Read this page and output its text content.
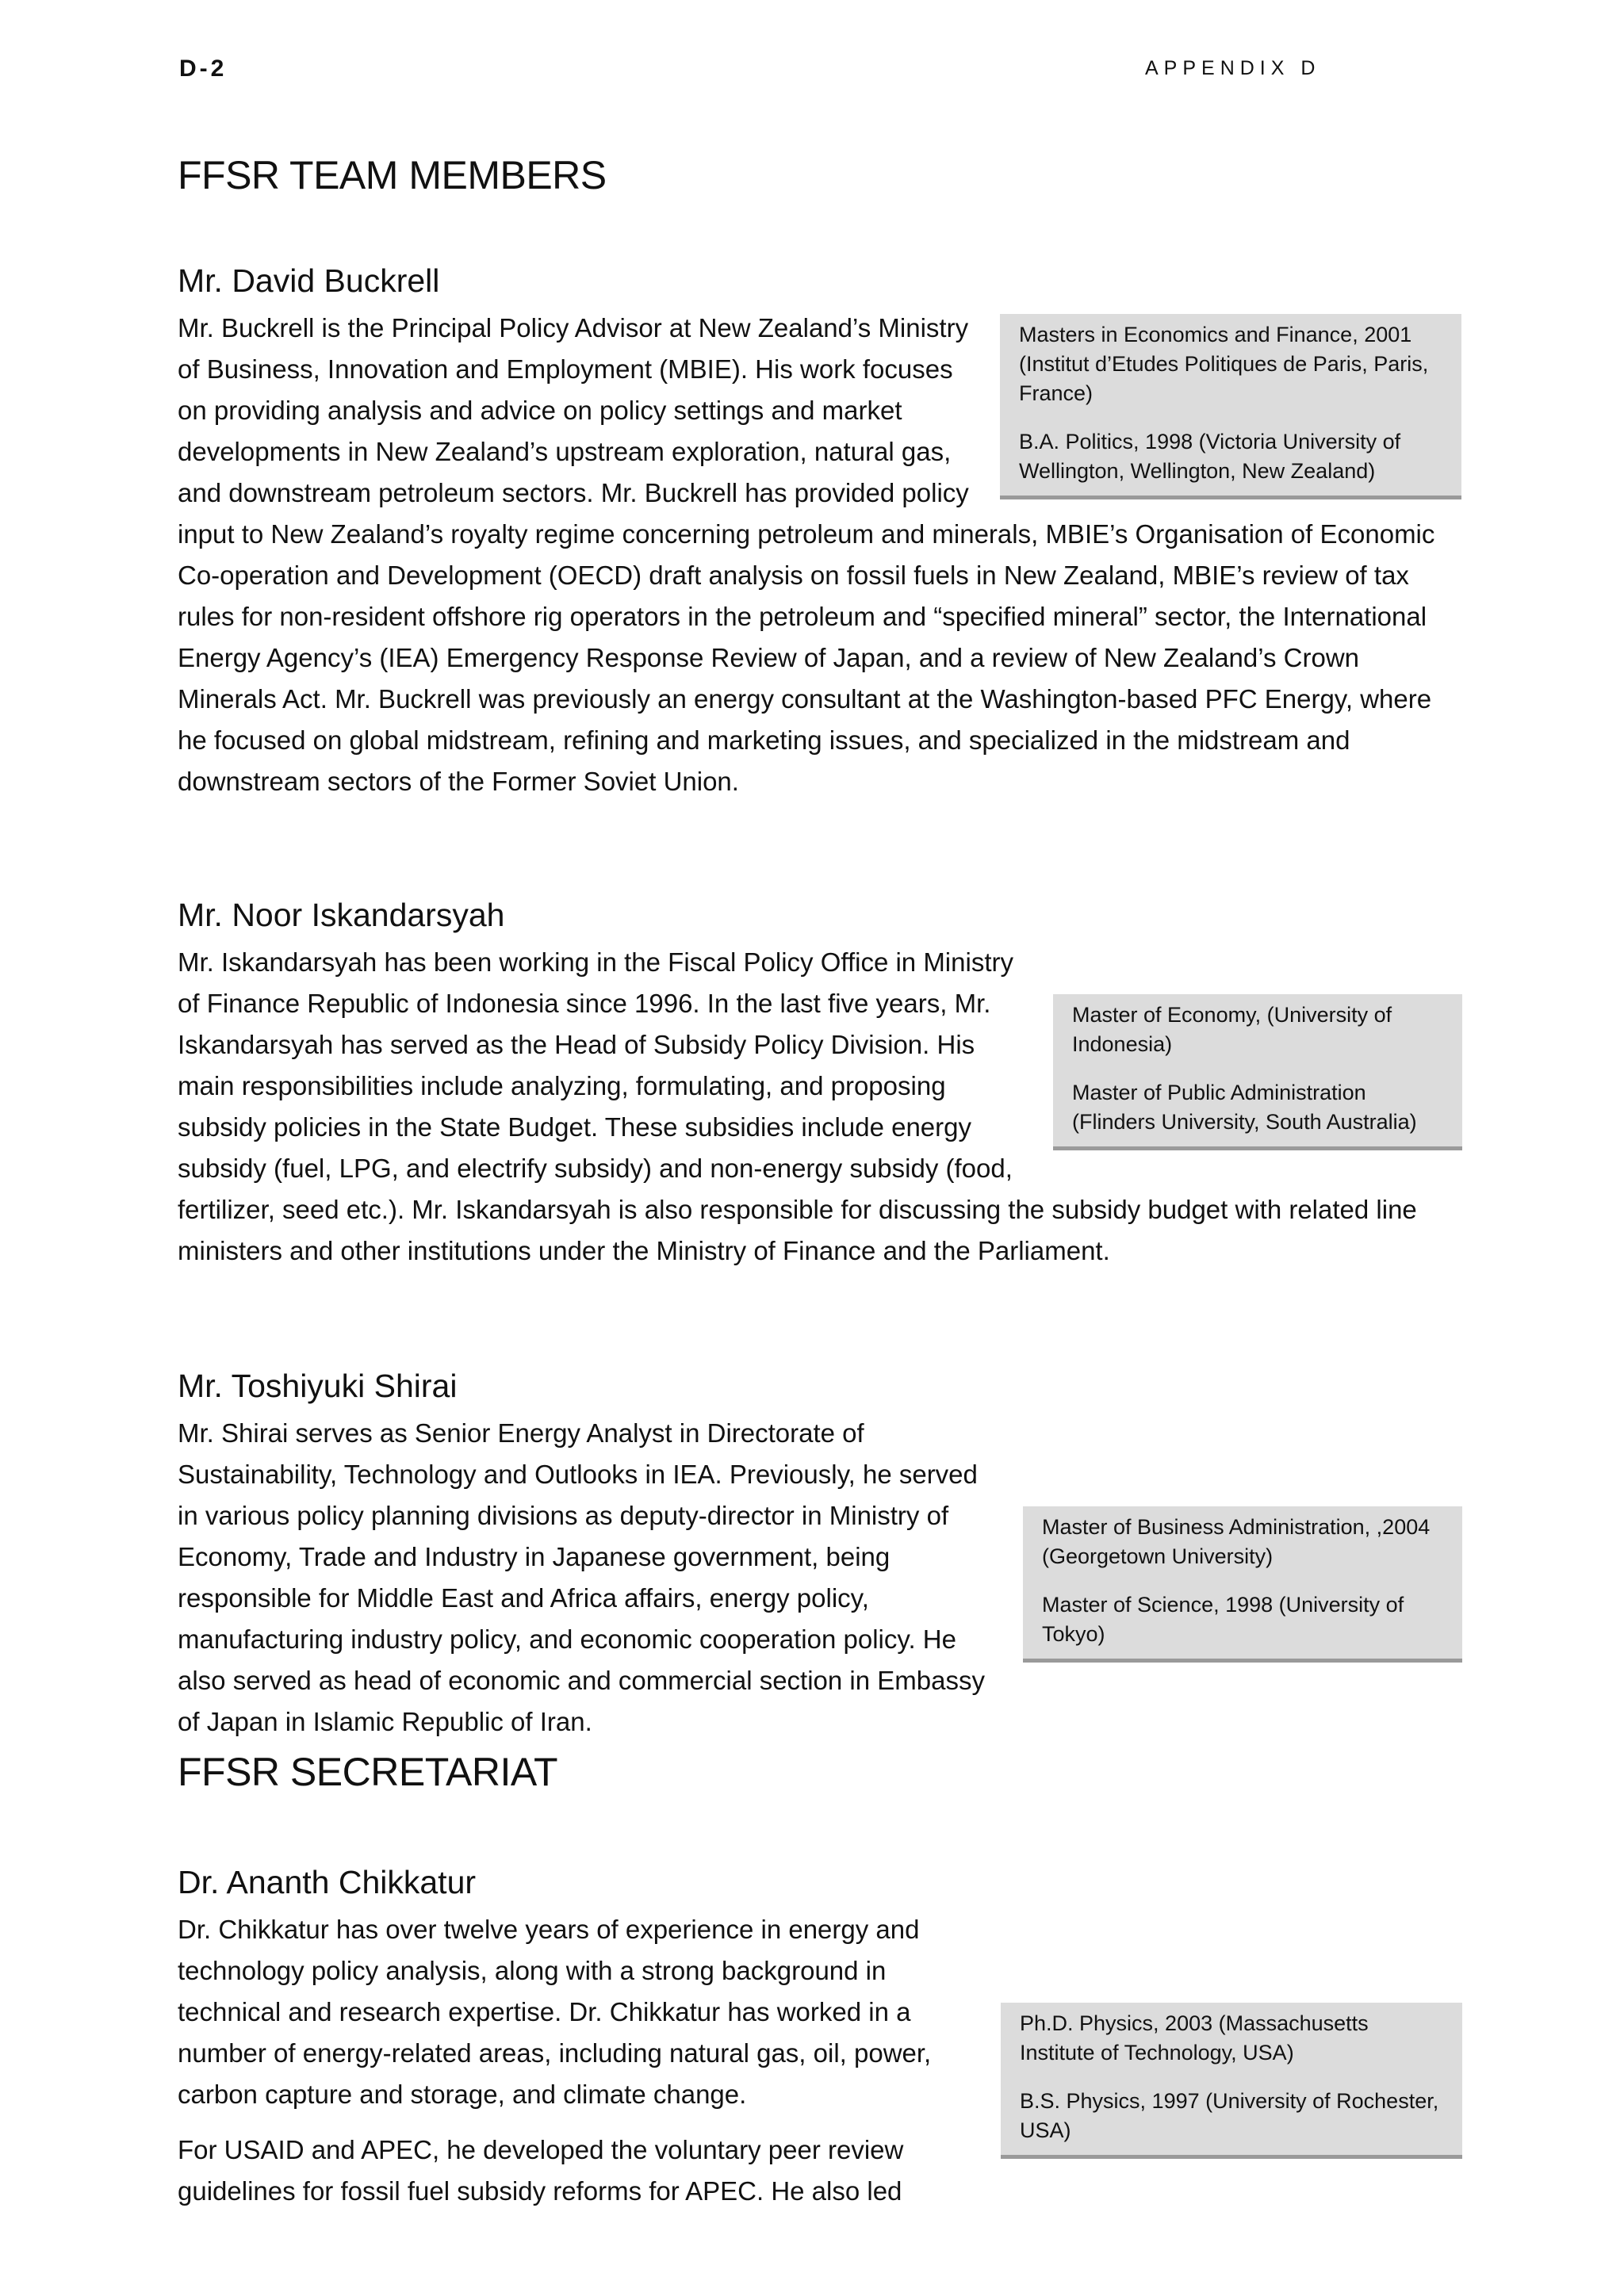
D-2	APPENDIX D
FFSR TEAM MEMBERS
Mr. David Buckrell

Masters in Economics and Finance, 2001 (Institut d’Etudes Politiques de Paris, Paris, France)

B.A. Politics, 1998 (Victoria University of Wellington, Wellington, New Zealand)

Mr. Buckrell is the Principal Policy Advisor at New Zealand’s Ministry of Business, Innovation and Employment (MBIE). His work focuses on providing analysis and advice on policy settings and market developments in New Zealand’s upstream exploration, natural gas, and downstream petroleum sectors. Mr. Buckrell has provided policy input to New Zealand’s royalty regime concerning petroleum and minerals, MBIE’s Organisation of Economic Co-operation and Development (OECD) draft analysis on fossil fuels in New Zealand, MBIE’s review of tax rules for non-resident offshore rig operators in the petroleum and “specified mineral” sector, the International Energy Agency’s (IEA) Emergency Response Review of Japan, and a review of New Zealand’s Crown Minerals Act. Mr. Buckrell was previously an energy consultant at the Washington-based PFC Energy, where he focused on global midstream, refining and marketing issues, and specialized in the midstream and downstream sectors of the Former Soviet Union.

Mr. Noor Iskandarsyah

Master of Economy, (University of Indonesia)

Master of Public Administration (Flinders University, South Australia)

Mr. Iskandarsyah has been working in the Fiscal Policy Office in Ministry of Finance Republic of Indonesia since 1996. In the last five years, Mr. Iskandarsyah has served as the Head of Subsidy Policy Division. His main responsibilities include analyzing, formulating, and proposing subsidy policies in the State Budget. These subsidies include energy subsidy (fuel, LPG, and electrify subsidy) and non-energy subsidy (food, fertilizer, seed etc.). Mr. Iskandarsyah is also responsible for discussing the subsidy budget with related line ministers and other institutions under the Ministry of Finance and the Parliament.

Mr. Toshiyuki Shirai

Master of Business Administration, ,2004 (Georgetown University)

Master of Science, 1998 (University of Tokyo)

Mr. Shirai serves as Senior Energy Analyst in Directorate of Sustainability, Technology and Outlooks in IEA. Previously, he served in various policy planning divisions as deputy-director in Ministry of Economy, Trade and Industry in Japanese government, being responsible for Middle East and Africa affairs, energy policy, manufacturing industry policy, and economic cooperation policy. He also served as head of economic and commercial section in Embassy of Japan in Islamic Republic of Iran.

FFSR SECRETARIAT
Dr. Ananth Chikkatur

Ph.D. Physics, 2003 (Massachusetts Institute of Technology, USA)

B.S. Physics, 1997 (University of Rochester, USA)

Dr. Chikkatur has over twelve years of experience in energy and technology policy analysis, along with a strong background in technical and research expertise. Dr. Chikkatur has worked in a number of energy-related areas, including natural gas, oil, power, carbon capture and storage, and climate change.

For USAID and APEC, he developed the voluntary peer review guidelines for fossil fuel subsidy reforms for APEC. He also led
